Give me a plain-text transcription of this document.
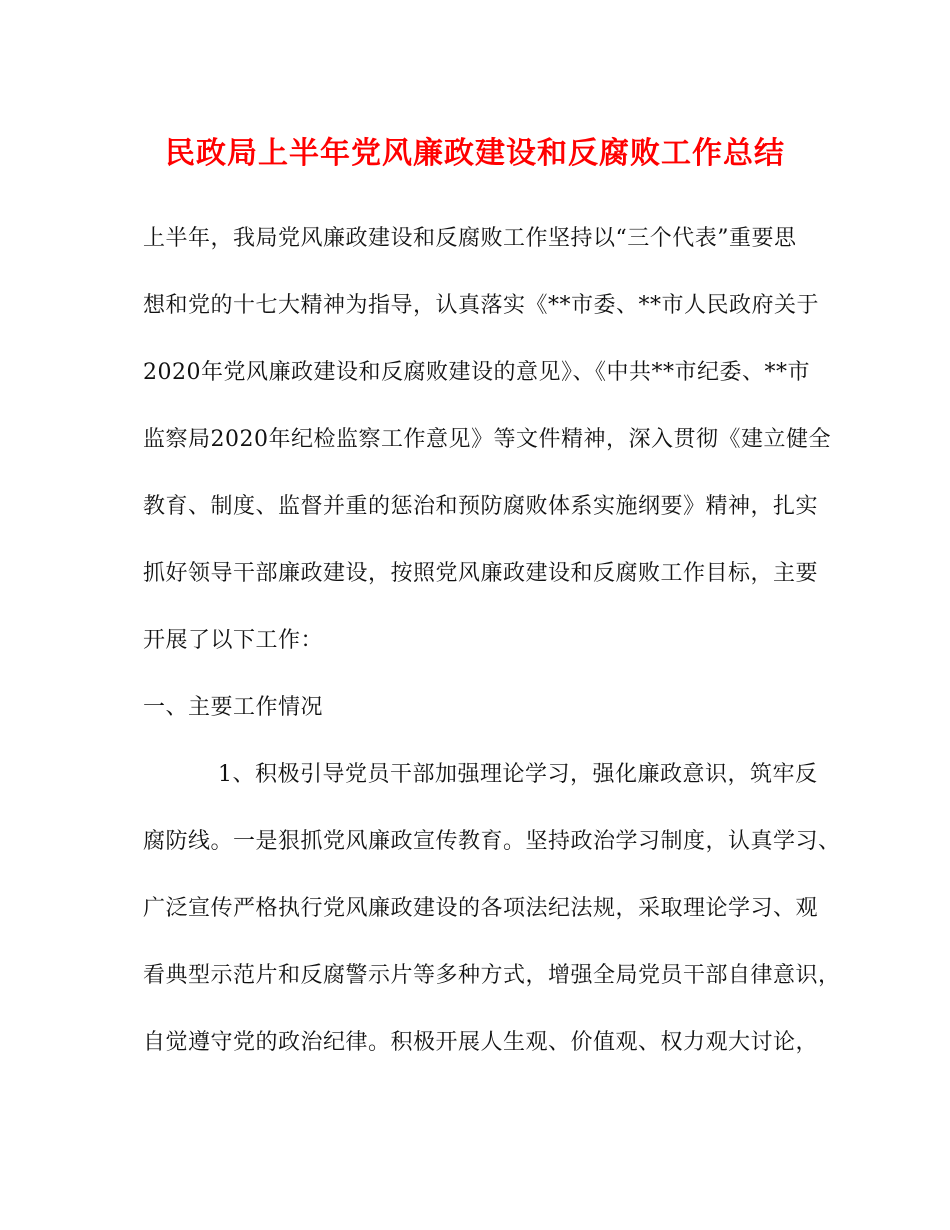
民政局上半年党风廉政建设和反腐败工作总结
上半年，我局党风廉政建设和反腐败工作坚持以“三个代表”重要思
想和党的十七大精神为指导，认真落实《**市委、**市人民政府关于
2020年党风廉政建设和反腐败建设的意见》、《中共**市纪委、**市
监察局2020年纪检监察工作意见》等文件精神，深入贯彻《建立健全
教育、制度、监督并重的惩治和预防腐败体系实施纲要》精神，扎实
抓好领导干部廉政建设，按照党风廉政建设和反腐败工作目标，主要
开展了以下工作：
一、主要工作情况
1、积极引导党员干部加强理论学习，强化廉政意识，筑牢反
腐防线。一是狠抓党风廉政宣传教育。坚持政治学习制度，认真学习、
广泛宣传严格执行党风廉政建设的各项法纪法规，采取理论学习、观
看典型示范片和反腐警示片等多种方式，增强全局党员干部自律意识，
自觉遵守党的政治纪律。积极开展人生观、价值观、权力观大讨论，
